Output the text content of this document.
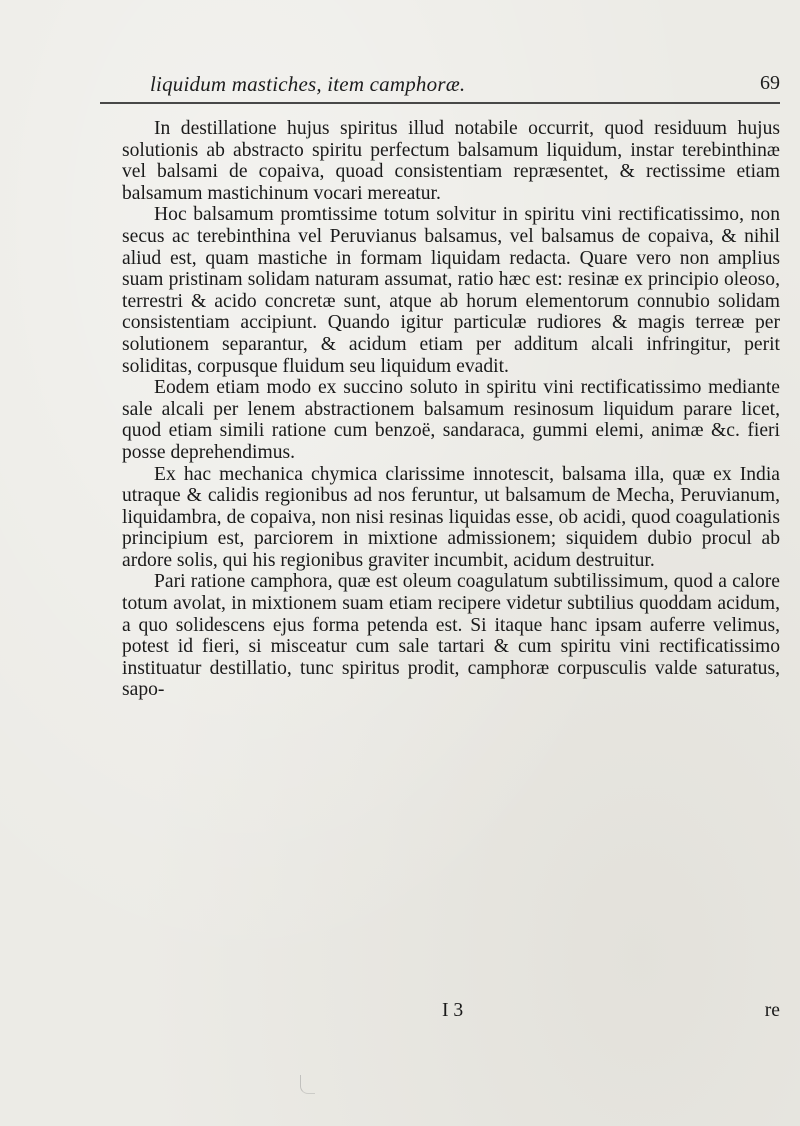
liquidum mastiches, item camphoræ.	69

In destillatione hujus spiritus illud notabile occurrit, quod residuum hujus solutionis ab abstracto spiritu perfectum balsamum liquidum, instar terebinthinæ vel balsami de copaiva, quoad consistentiam repræsentet, & rectissime etiam balsamum mastichinum vocari mereatur.

Hoc balsamum promtissime totum solvitur in spiritu vini rectificatissimo, non secus ac terebinthina vel Peruvianus balsamus, vel balsamus de copaiva, & nihil aliud est, quam mastiche in formam liquidam redacta. Quare vero non amplius suam pristinam solidam naturam assumat, ratio hæc est: resinæ ex principio oleoso, terrestri & acido concretæ sunt, atque ab horum elementorum connubio solidam consistentiam accipiunt. Quando igitur particulæ rudiores & magis terreæ per solutionem separantur, & acidum etiam per additum alcali infringitur, perit soliditas, corpusque fluidum seu liquidum evadit.

Eodem etiam modo ex succino soluto in spiritu vini rectificatissimo mediante sale alcali per lenem abstractionem balsamum resinosum liquidum parare licet, quod etiam simili ratione cum benzoë, sandaraca, gummi elemi, animæ &c. fieri posse deprehendimus.

Ex hac mechanica chymica clarissime innotescit, balsama illa, quæ ex India utraque & calidis regionibus ad nos feruntur, ut balsamum de Mecha, Peruvianum, liquidambra, de copaiva, non nisi resinas liquidas esse, ob acidi, quod coagulationis principium est, parciorem in mixtione admissionem; siquidem dubio procul ab ardore solis, qui his regionibus graviter incumbit, acidum destruitur.

Pari ratione camphora, quæ est oleum coagulatum subtilissimum, quod a calore totum avolat, in mixtionem suam etiam recipere videtur subtilius quoddam acidum, a quo solidescens ejus forma petenda est. Si itaque hanc ipsam auferre velimus, potest id fieri, si misceatur cum sale tartari & cum spiritu vini rectificatissimo instituatur destillatio, tunc spiritus prodit, camphoræ corpusculis valde saturatus, sapo-

I 3	re
